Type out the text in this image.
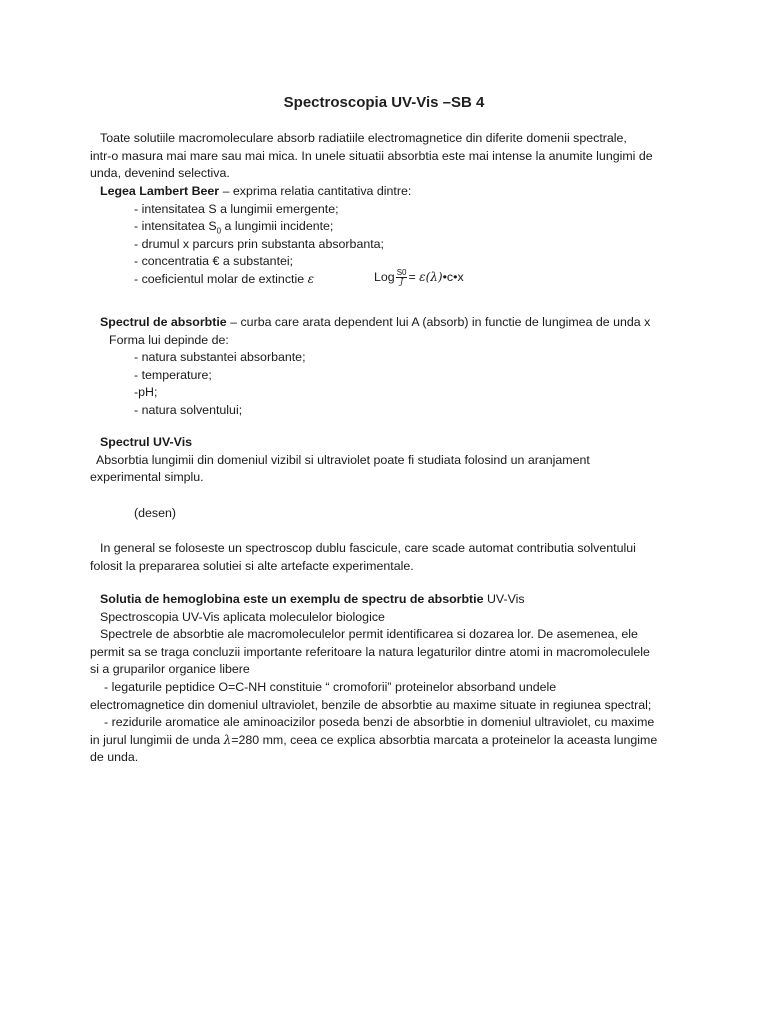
Spectroscopia UV-Vis –SB 4

Toate solutiile macromoleculare absorb radiatiile electromagnetice din diferite domenii spectrale,

intr-o masura mai mare sau mai mica. In unele situatii absorbtia este mai intense la anumite lungimi de

unda, devenind selectiva.

Legea Lambert Beer – exprima relatia cantitativa dintre:

- intensitatea S a lungimii emergente;

- intensitatea $S_0$ a lungimii incidente;

- drumul x parcurs prin substanta absorbanta;

- concentratia € a substantei;

- coeficientul molar de extinctie ε	Log $\frac{S0}{J}$ = ε(λ)•c•x

Spectrul de absorbtie – curba care arata dependent lui A (absorb) in functie de lungimea de unda x

Forma lui depinde de:

- natura substantei absorbante;

- temperature;

-pH;

- natura solventului;

Spectrul UV-Vis

Absorbtia lungimii din domeniul vizibil si ultraviolet poate fi studiata folosind un aranjament

experimental simplu.

(desen)

In general se foloseste un spectroscop dublu fascicule, care scade automat contributia solventului

folosit la prepararea solutiei si alte artefacte experimentale.

Solutia de hemoglobina este un exemplu de spectru de absorbtie UV-Vis

Spectroscopia UV-Vis aplicata moleculelor biologice

Spectrele de absorbtie ale macromoleculelor permit identificarea si dozarea lor. De asemenea, ele

permit sa se traga concluzii importante referitoare la natura legaturilor dintre atomi in macromoleculele

si a gruparilor organice libere

- legaturile peptidice O=C-NH constituie “ cromoforii” proteinelor absorband undele

electromagnetice din domeniul ultraviolet, benzile de absorbtie au maxime situate in regiunea spectral;

- rezidurile aromatice ale aminoacizilor poseda benzi de absorbtie in domeniul ultraviolet, cu maxime

in jurul lungimii de unda λ=280 mm, ceea ce explica absorbtia marcata a proteinelor la aceasta lungime

de unda.
